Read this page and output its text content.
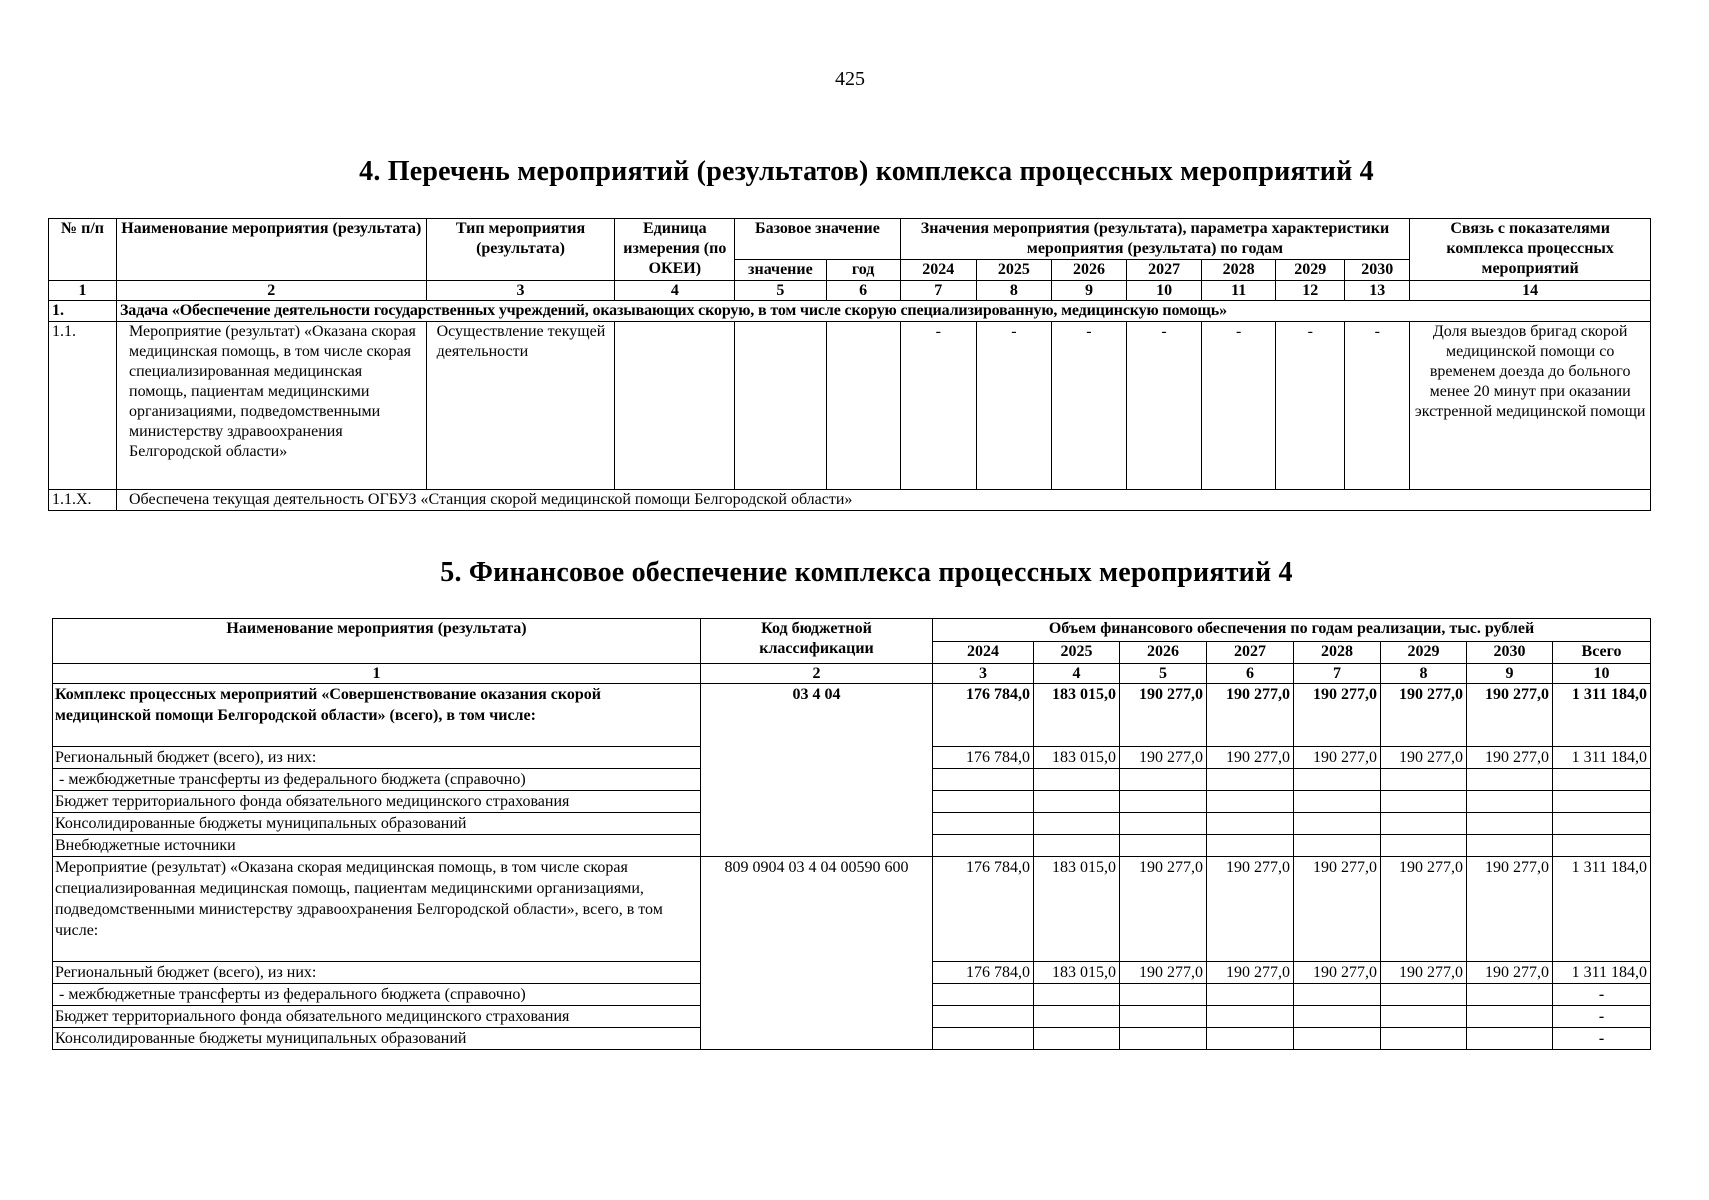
425
4. Перечень мероприятий (результатов) комплекса процессных мероприятий 4
№ п/п	Наименование мероприятия (результата)	Тип мероприятия (результата)	Единица измерения (по ОКЕИ)	Базовое значение		Значения мероприятия (результата), параметра характеристики мероприятия (результата) по годам							Связь с показателями комплекса процессных мероприятий
				значение	год	2024	2025	2026	2027	2028	2029	2030	
1	2	3	4	5	6	7	8	9	10	11	12	13	14
1.	Задача «Обеспечение деятельности государственных учреждений, оказывающих скорую, в том числе скорую специализированную, медицинскую помощь»												
1.1.	Мероприятие (результат) «Оказана скорая медицинская помощь, в том числе скорая специализированная медицинская помощь, пациентам медицинскими организациями, подведомственными министерству здравоохранения Белгородской области»	Осуществление текущей деятельности				-	-	-	-	-	-	-	Доля выездов бригад скорой медицинской помощи со временем доезда до больного менее 20 минут при оказании экстренной медицинской помощи
1.1.X.	Обеспечена текущая деятельность ОГБУЗ «Станция скорой медицинской помощи Белгородской области»												
5. Финансовое обеспечение комплекса процессных мероприятий 4
Наименование мероприятия (результата)	Код бюджетной классификации	Объем финансового обеспечения по годам реализации, тыс. рублей							
		2024	2025	2026	2027	2028	2029	2030	Всего
1	2	3	4	5	6	7	8	9	10
Комплекс процессных мероприятий «Совершенствование оказания скорой медицинской помощи Белгородской области» (всего), в том числе:	03 4 04	176 784,0	183 015,0	190 277,0	190 277,0	190 277,0	190 277,0	190 277,0	1 311 184,0
Региональный бюджет (всего), из них:		176 784,0	183 015,0	190 277,0	190 277,0	190 277,0	190 277,0	190 277,0	1 311 184,0
- межбюджетные трансферты из федерального бюджета (справочно)									
Бюджет территориального фонда обязательного медицинского страхования									
Консолидированные бюджеты муниципальных образований									
Внебюджетные источники									
Мероприятие (результат) «Оказана скорая медицинская помощь, в том числе скорая специализированная медицинская помощь, пациентам медицинскими организациями, подведомственными министерству здравоохранения Белгородской области», всего, в том числе:	809 0904 03 4 04 00590 600	176 784,0	183 015,0	190 277,0	190 277,0	190 277,0	190 277,0	190 277,0	1 311 184,0
Региональный бюджет (всего), из них:		176 784,0	183 015,0	190 277,0	190 277,0	190 277,0	190 277,0	190 277,0	1 311 184,0
- межбюджетные трансферты из федерального бюджета (справочно)									-
Бюджет территориального фонда обязательного медицинского страхования									-
Консолидированные бюджеты муниципальных образований									-
